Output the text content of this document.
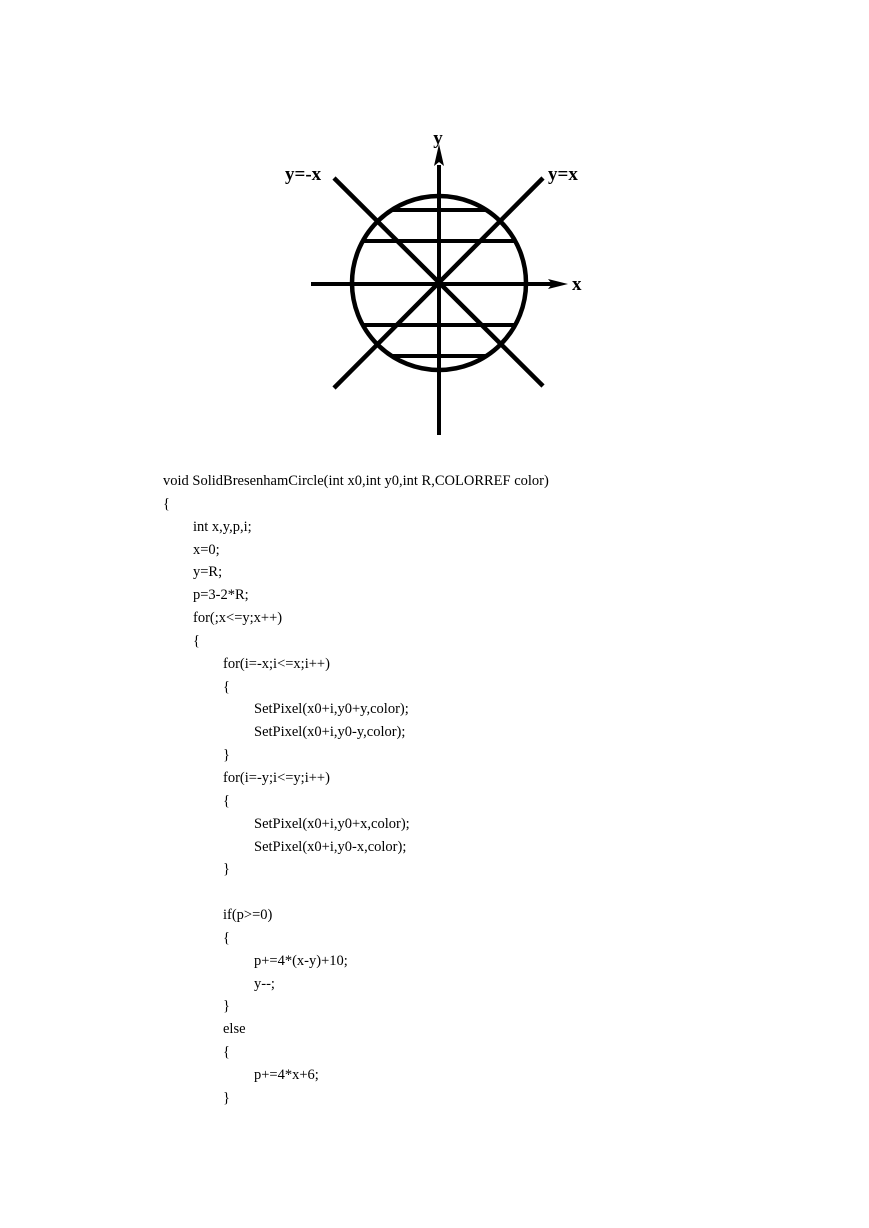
y
x
y=x
y=-x
void SolidBresenhamCircle(int x0,int y0,int R,COLORREF color)
{
int x,y,p,i;
x=0;
y=R;
p=3-2*R;
for(;x<=y;x++)
{
for(i=-x;i<=x;i++)
{
SetPixel(x0+i,y0+y,color);
SetPixel(x0+i,y0-y,color);
}
for(i=-y;i<=y;i++)
{
SetPixel(x0+i,y0+x,color);
SetPixel(x0+i,y0-x,color);
}
if(p>=0)
{
p+=4*(x-y)+10;
y--;
}
else
{
p+=4*x+6;
}
